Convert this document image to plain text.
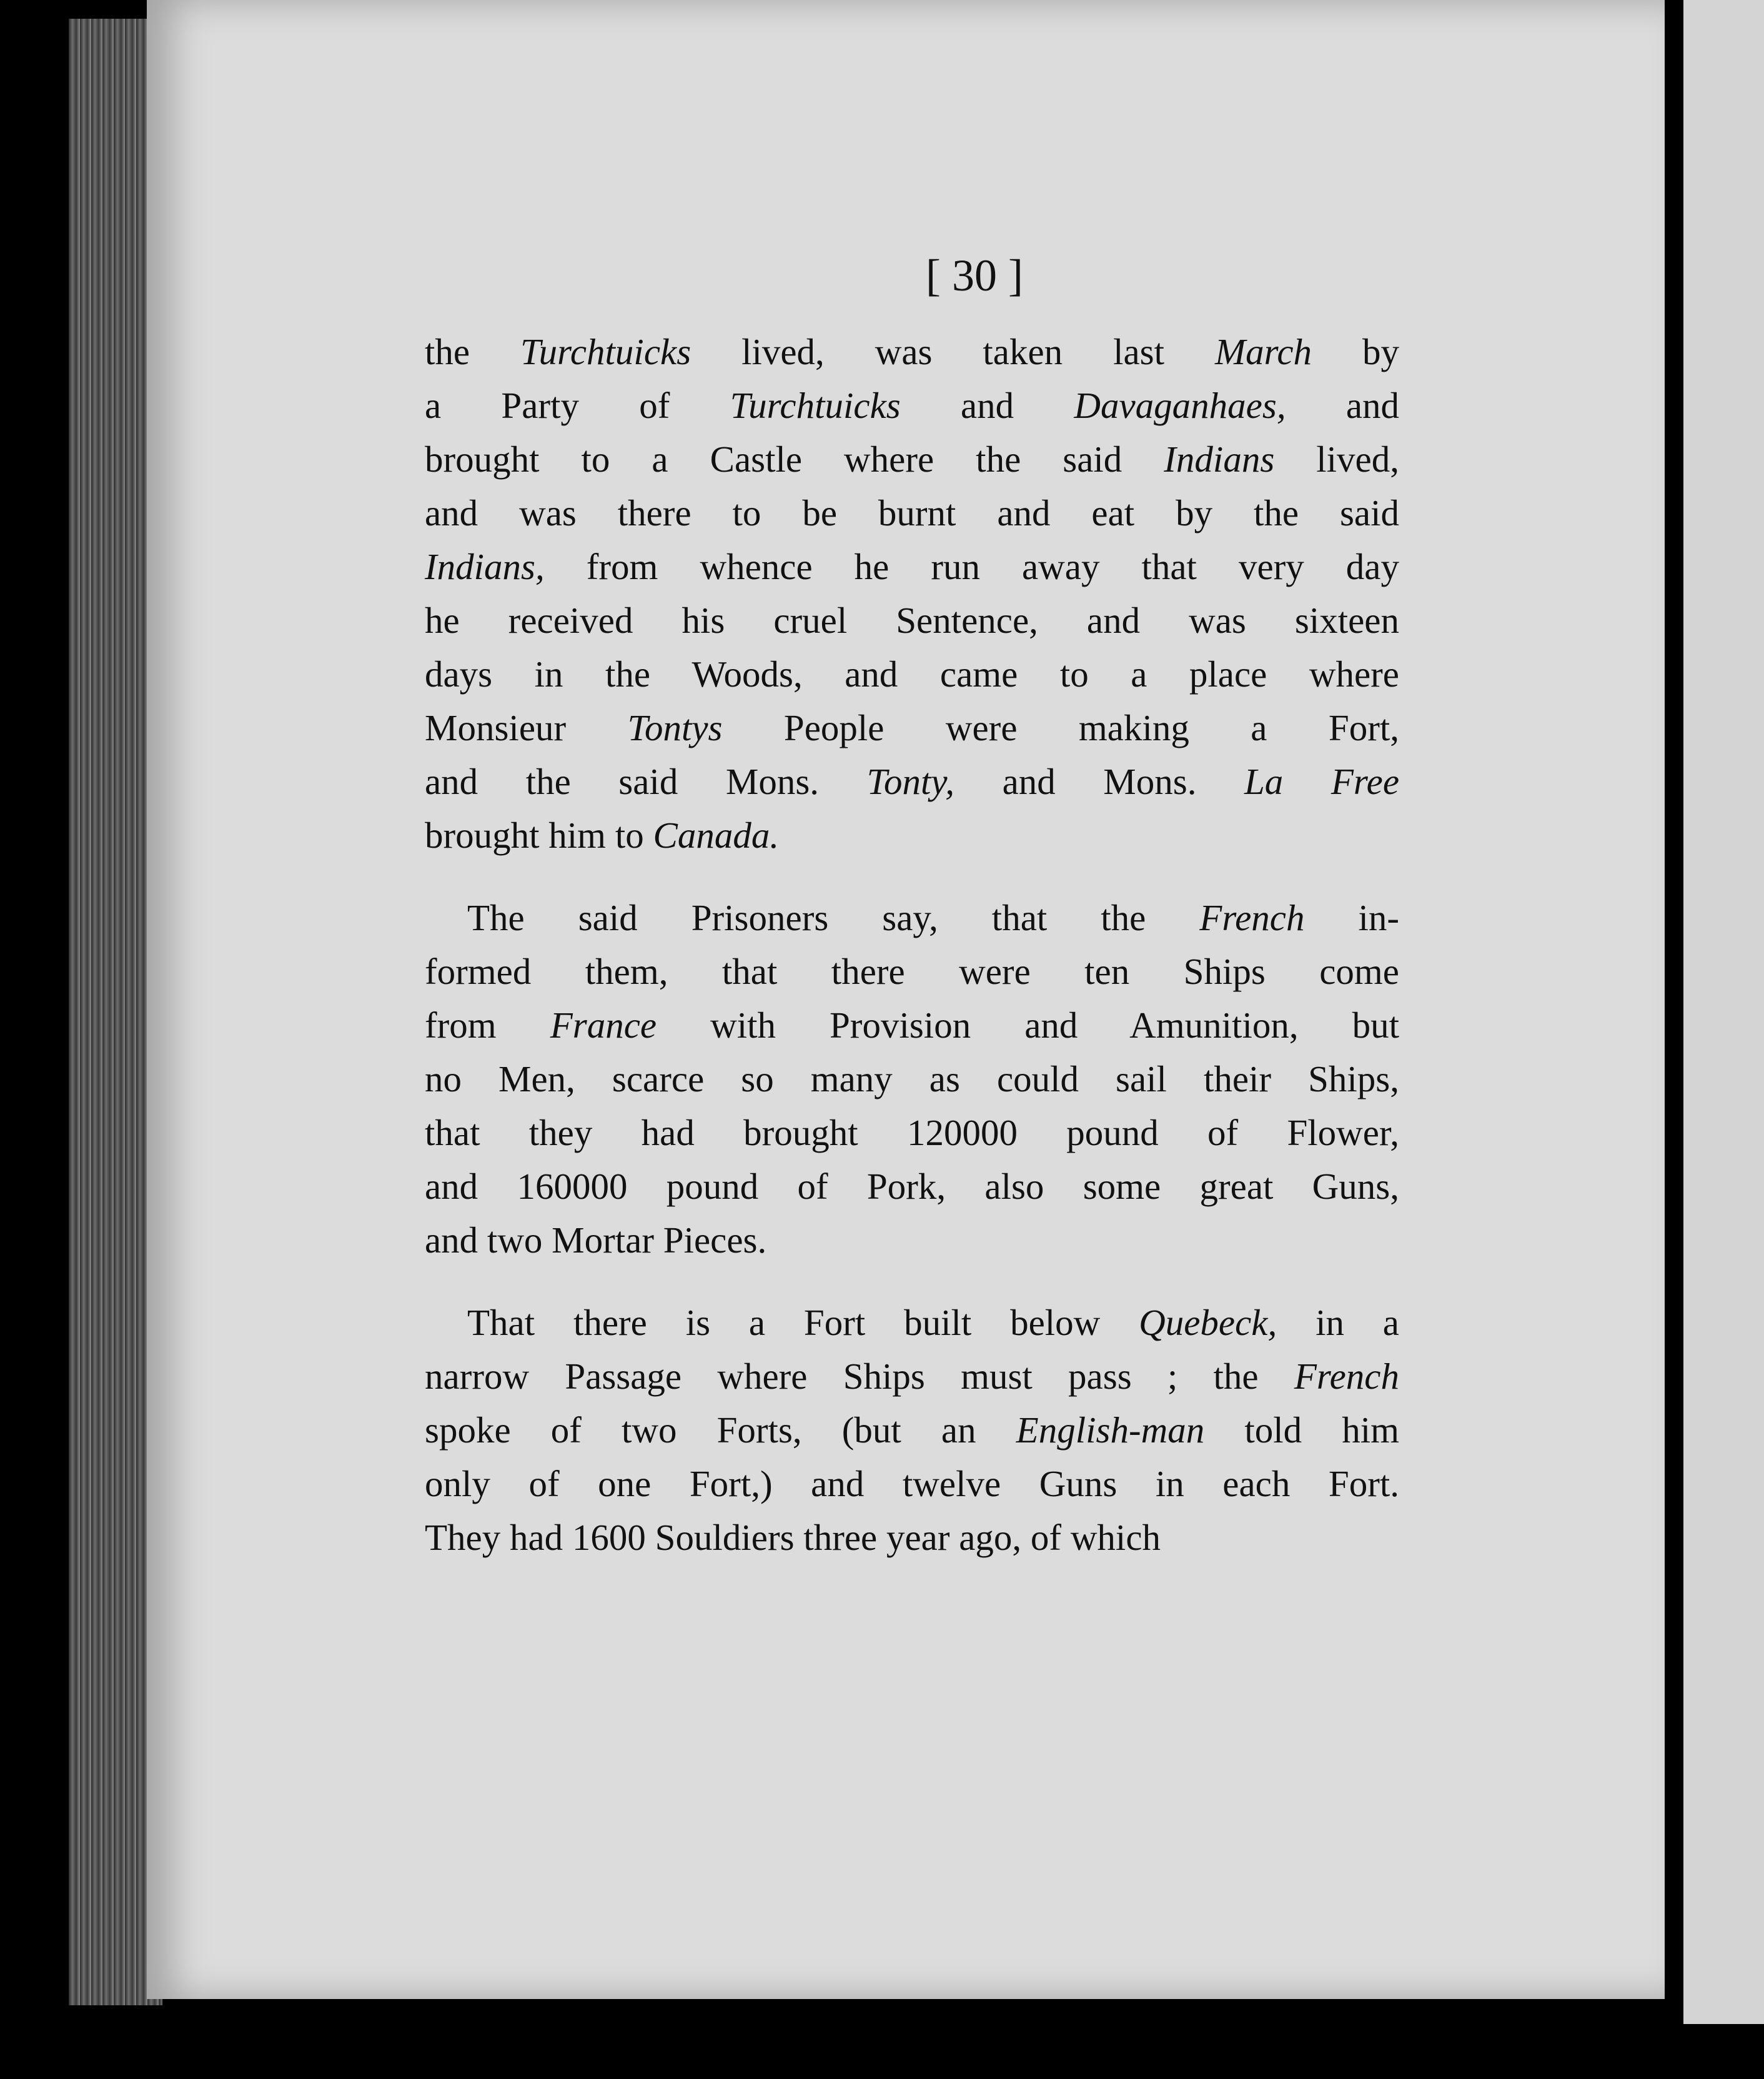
[ 30 ]
the Turchtuicks lived, was taken last March by
a Party of Turchtuicks and Davaganhaes, and
brought to a Castle where the said Indians lived,
and was there to be burnt and eat by the said
Indians, from whence he run away that very day
he received his cruel Sentence, and was sixteen
days in the Woods, and came to a place where
Monsieur Tontys People were making a Fort,
and the said Mons. Tonty, and Mons. La Free
brought him to Canada.
The said Prisoners say, that the French in-
formed them, that there were ten Ships come
from France with Provision and Amunition, but
no Men, scarce so many as could sail their Ships,
that they had brought 120000 pound of Flower,
and 160000 pound of Pork, also some great Guns,
and two Mortar Pieces.
That there is a Fort built below Quebeck, in a
narrow Passage where Ships must pass ; the French
spoke of two Forts, (but an English-man told him
only of one Fort,) and twelve Guns in each Fort.
They had 1600 Souldiers three year ago, of which
